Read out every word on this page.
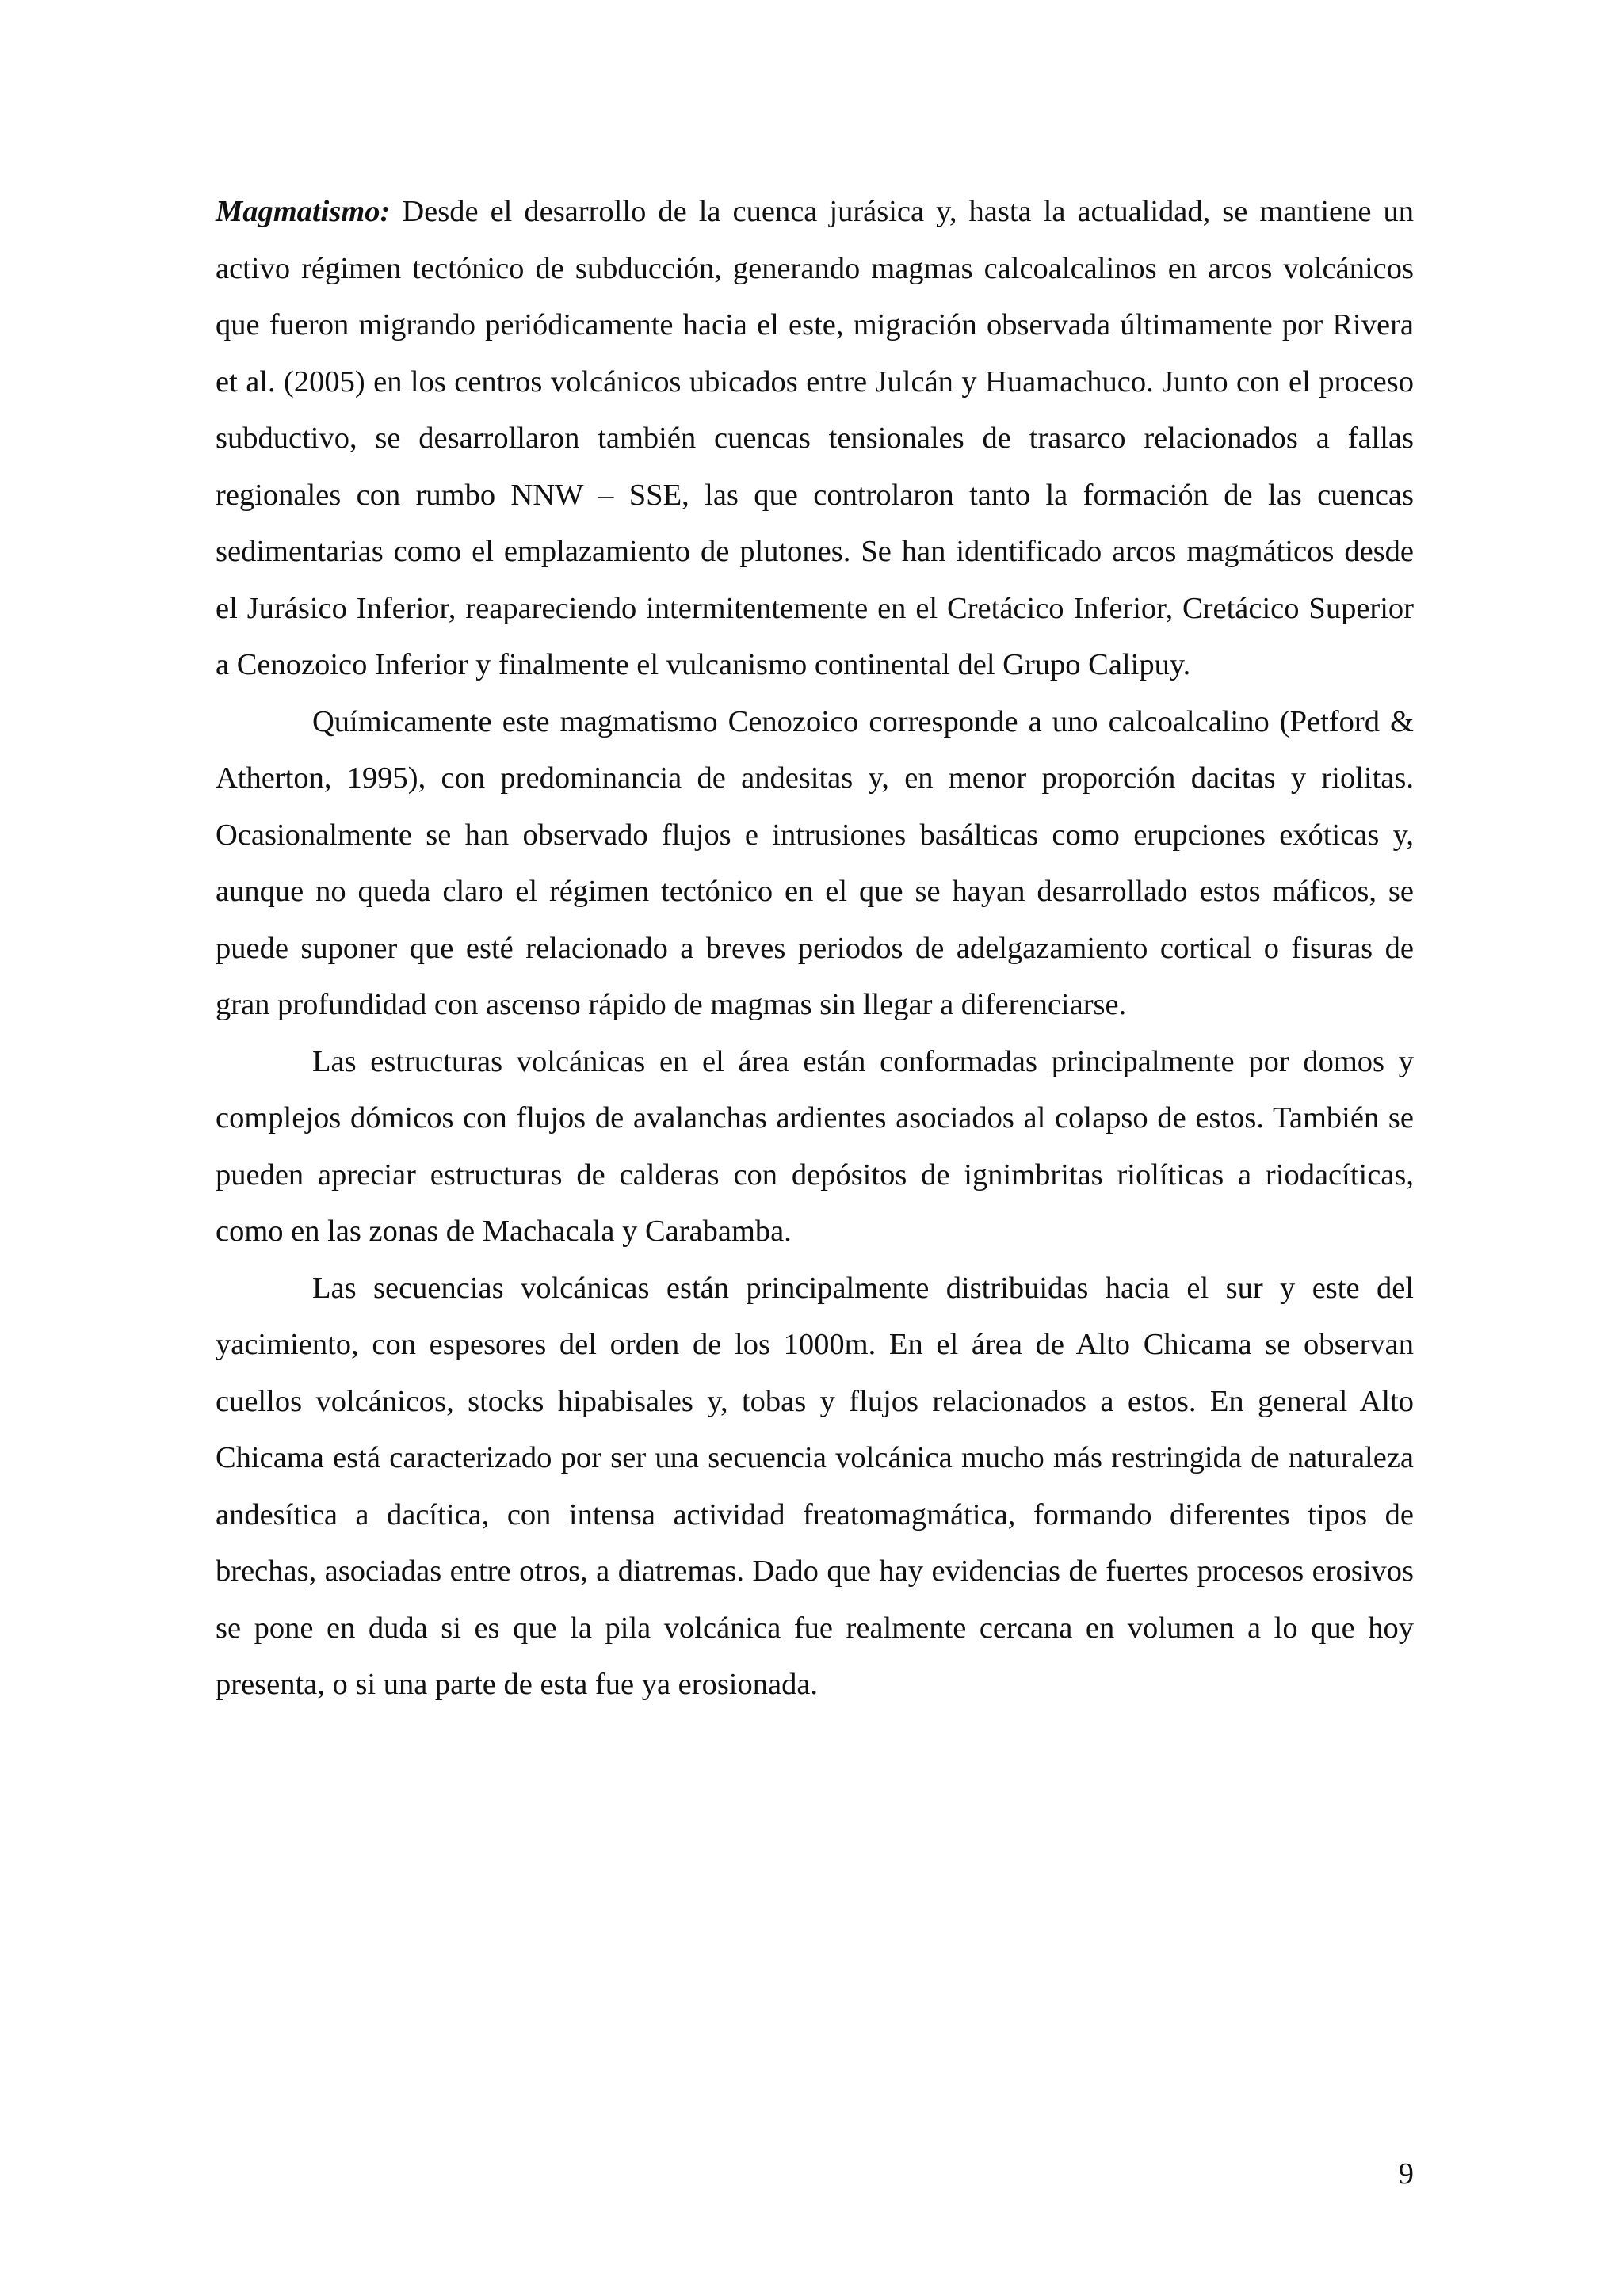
Magmatismo: Desde el desarrollo de la cuenca jurásica y, hasta la actualidad, se mantiene un activo régimen tectónico de subducción, generando magmas calcoalcalinos en arcos volcánicos que fueron migrando periódicamente hacia el este, migración observada últimamente por Rivera et al. (2005) en los centros volcánicos ubicados entre Julcán y Huamachuco. Junto con el proceso subductivo, se desarrollaron también cuencas tensionales de trasarco relacionados a fallas regionales con rumbo NNW – SSE, las que controlaron tanto la formación de las cuencas sedimentarias como el emplazamiento de plutones. Se han identificado arcos magmáticos desde el Jurásico Inferior, reapareciendo intermitentemente en el Cretácico Inferior, Cretácico Superior a Cenozoico Inferior y finalmente el vulcanismo continental del Grupo Calipuy.

Químicamente este magmatismo Cenozoico corresponde a uno calcoalcalino (Petford & Atherton, 1995), con predominancia de andesitas y, en menor proporción dacitas y riolitas. Ocasionalmente se han observado flujos e intrusiones basálticas como erupciones exóticas y, aunque no queda claro el régimen tectónico en el que se hayan desarrollado estos máficos, se puede suponer que esté relacionado a breves periodos de adelgazamiento cortical o fisuras de gran profundidad con ascenso rápido de magmas sin llegar a diferenciarse.

Las estructuras volcánicas en el área están conformadas principalmente por domos y complejos dómicos con flujos de avalanchas ardientes asociados al colapso de estos. También se pueden apreciar estructuras de calderas con depósitos de ignimbritas riolíticas a riodacíticas, como en las zonas de Machacala y Carabamba.

Las secuencias volcánicas están principalmente distribuidas hacia el sur y este del yacimiento, con espesores del orden de los 1000m. En el área de Alto Chicama se observan cuellos volcánicos, stocks hipabisales y, tobas y flujos relacionados a estos. En general Alto Chicama está caracterizado por ser una secuencia volcánica mucho más restringida de naturaleza andesítica a dacítica, con intensa actividad freatomagmática, formando diferentes tipos de brechas, asociadas entre otros, a diatremas. Dado que hay evidencias de fuertes procesos erosivos se pone en duda si es que la pila volcánica fue realmente cercana en volumen a lo que hoy presenta, o si una parte de esta fue ya erosionada.

9
